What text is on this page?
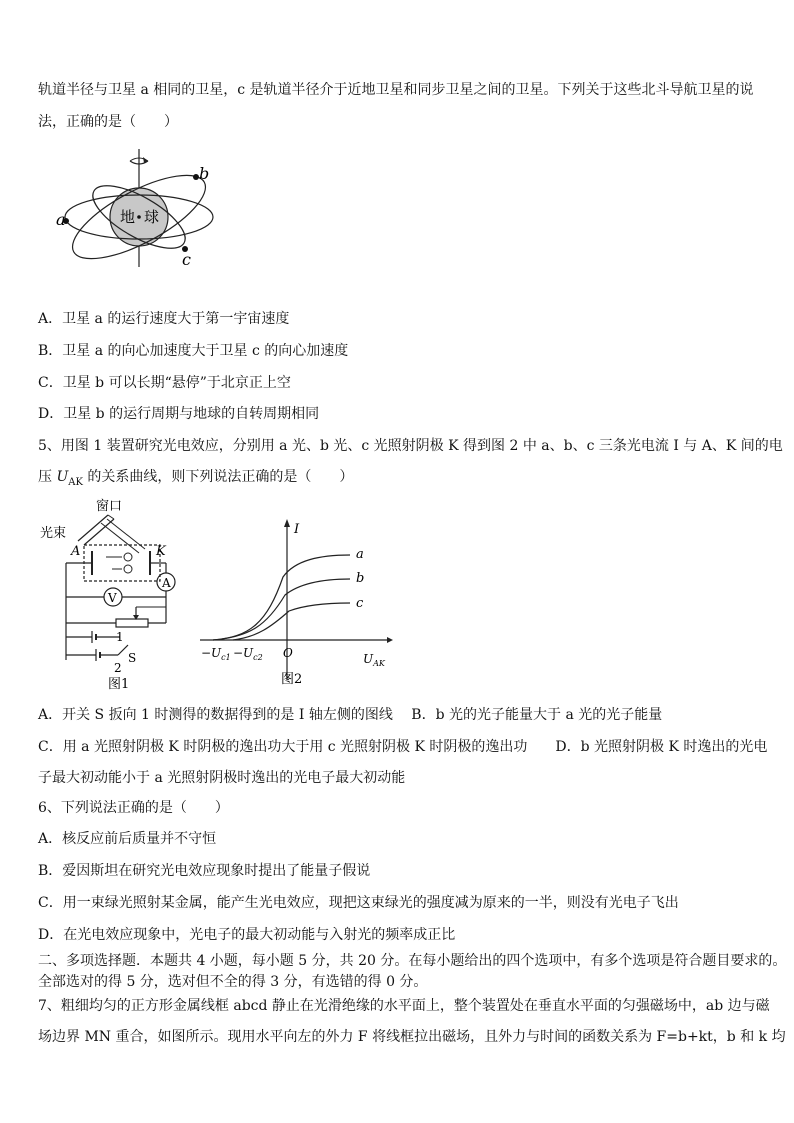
轨道半径与卫星 a 相同的卫星，c 是轨道半径介于近地卫星和同步卫星之间的卫星。下列关于这些北斗导航卫星的说
法，正确的是（　　）
地 球
a
b
c
A．卫星 a 的运行速度大于第一宇宙速度
B．卫星 a 的向心加速度大于卫星 c 的向心加速度
C．卫星 b 可以长期“悬停”于北京正上空
D．卫星 b 的运行周期与地球的自转周期相同
5、用图 1 装置研究光电效应，分别用 a 光、b 光、c 光照射阴极 K 得到图 2 中 a、b、c 三条光电流 I 与 A、K 间的电
压 $U_{AK}$ 的关系曲线，则下列说法正确的是（　　）
窗口
光束
A	K
A
V
1
S
2
图1
I
a
b
c
$-U_{c1} -U_{c2}$ O	$U_{AK}$
图2
A．开关 S 扳向 1 时测得的数据得到的是 I 轴左侧的图线　 B．b 光的光子能量大于 a 光的光子能量
C．用 a 光照射阴极 K 时阴极的逸出功大于用 c 光照射阴极 K 时阴极的逸出功　　D．b 光照射阴极 K 时逸出的光电
子最大初动能小于 a 光照射阴极时逸出的光电子最大初动能
6、下列说法正确的是（　　）
A．核反应前后质量并不守恒
B．爱因斯坦在研究光电效应现象时提出了能量子假说
C．用一束绿光照射某金属，能产生光电效应，现把这束绿光的强度减为原来的一半，则没有光电子飞出
D．在光电效应现象中，光电子的最大初动能与入射光的频率成正比
二、多项选择题．本题共 4 小题，每小题 5 分，共 20 分。在每小题给出的四个选项中，有多个选项是符合题目要求的。
全部选对的得 5 分，选对但不全的得 3 分，有选错的得 0 分。
7、粗细均匀的正方形金属线框 abcd 静止在光滑绝缘的水平面上，整个装置处在垂直水平面的匀强磁场中，ab 边与磁
场边界 MN 重合，如图所示。现用水平向左的外力 F 将线框拉出磁场，且外力与时间的函数关系为 F=b+kt，b 和 k 均
